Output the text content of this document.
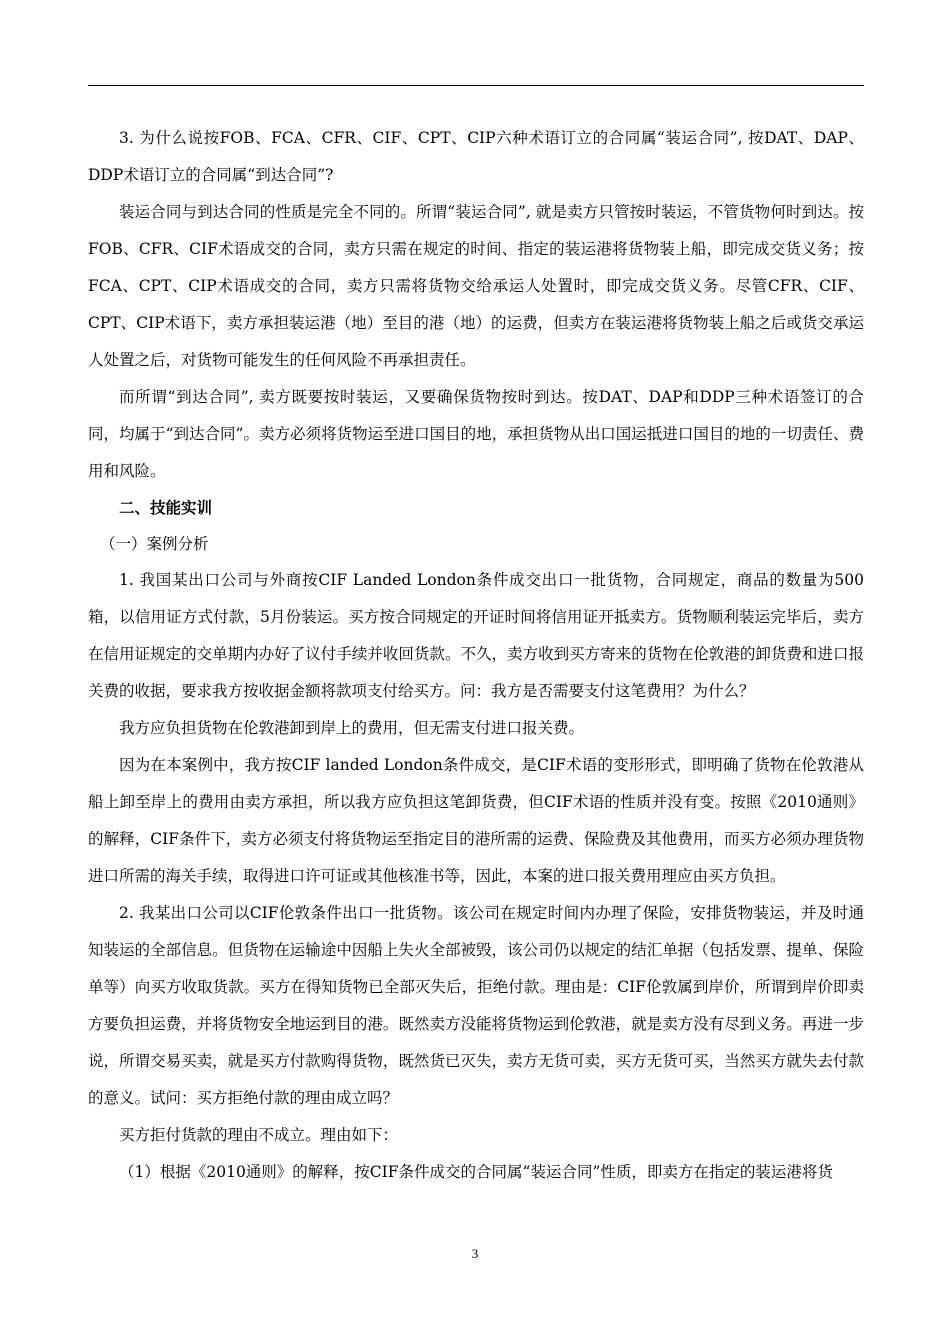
3. 为什么说按FOB、FCA、CFR、CIF、CPT、CIP六种术语订立的合同属“装运合同”, 按DAT、DAP、DDP术语订立的合同属“到达合同”?

装运合同与到达合同的性质是完全不同的。所谓“装运合同”, 就是卖方只管按时装运，不管货物何时到达。按FOB、CFR、CIF术语成交的合同，卖方只需在规定的时间、指定的装运港将货物装上船，即完成交货义务；按FCA、CPT、CIP术语成交的合同，卖方只需将货物交给承运人处置时，即完成交货义务。尽管CFR、CIF、CPT、CIP术语下，卖方承担装运港（地）至目的港（地）的运费，但卖方在装运港将货物装上船之后或货交承运人处置之后，对货物可能发生的任何风险不再承担责任。

而所谓“到达合同”, 卖方既要按时装运，又要确保货物按时到达。按DAT、DAP和DDP三种术语签订的合同，均属于“到达合同”。卖方必须将货物运至进口国目的地，承担货物从出口国运抵进口国目的地的一切责任、费用和风险。

二、技能实训

（一）案例分析

1. 我国某出口公司与外商按CIF Landed London条件成交出口一批货物，合同规定，商品的数量为500箱，以信用证方式付款，5月份装运。买方按合同规定的开证时间将信用证开抵卖方。货物顺利装运完毕后，卖方在信用证规定的交单期内办好了议付手续并收回货款。不久，卖方收到买方寄来的货物在伦敦港的卸货费和进口报关费的收据，要求我方按收据金额将款项支付给买方。问：我方是否需要支付这笔费用？为什么？

我方应负担货物在伦敦港卸到岸上的费用，但无需支付进口报关费。

因为在本案例中，我方按CIF landed London条件成交，是CIF术语的变形形式，即明确了货物在伦敦港从船上卸至岸上的费用由卖方承担，所以我方应负担这笔卸货费，但CIF术语的性质并没有变。按照《2010通则》的解释，CIF条件下，卖方必须支付将货物运至指定目的港所需的运费、保险费及其他费用，而买方必须办理货物进口所需的海关手续，取得进口许可证或其他核准书等，因此，本案的进口报关费用理应由买方负担。

2. 我某出口公司以CIF伦敦条件出口一批货物。该公司在规定时间内办理了保险，安排货物装运，并及时通知装运的全部信息。但货物在运输途中因船上失火全部被毁，该公司仍以规定的结汇单据（包括发票、提单、保险单等）向买方收取货款。买方在得知货物已全部灭失后，拒绝付款。理由是：CIF伦敦属到岸价，所谓到岸价即卖方要负担运费，并将货物安全地运到目的港。既然卖方没能将货物运到伦敦港，就是卖方没有尽到义务。再进一步说，所谓交易买卖，就是买方付款购得货物，既然货已灭失，卖方无货可卖，买方无货可买，当然买方就失去付款的意义。试问：买方拒绝付款的理由成立吗？

买方拒付货款的理由不成立。理由如下：

（1）根据《2010通则》的解释，按CIF条件成交的合同属“装运合同”性质，即卖方在指定的装运港将货

3
